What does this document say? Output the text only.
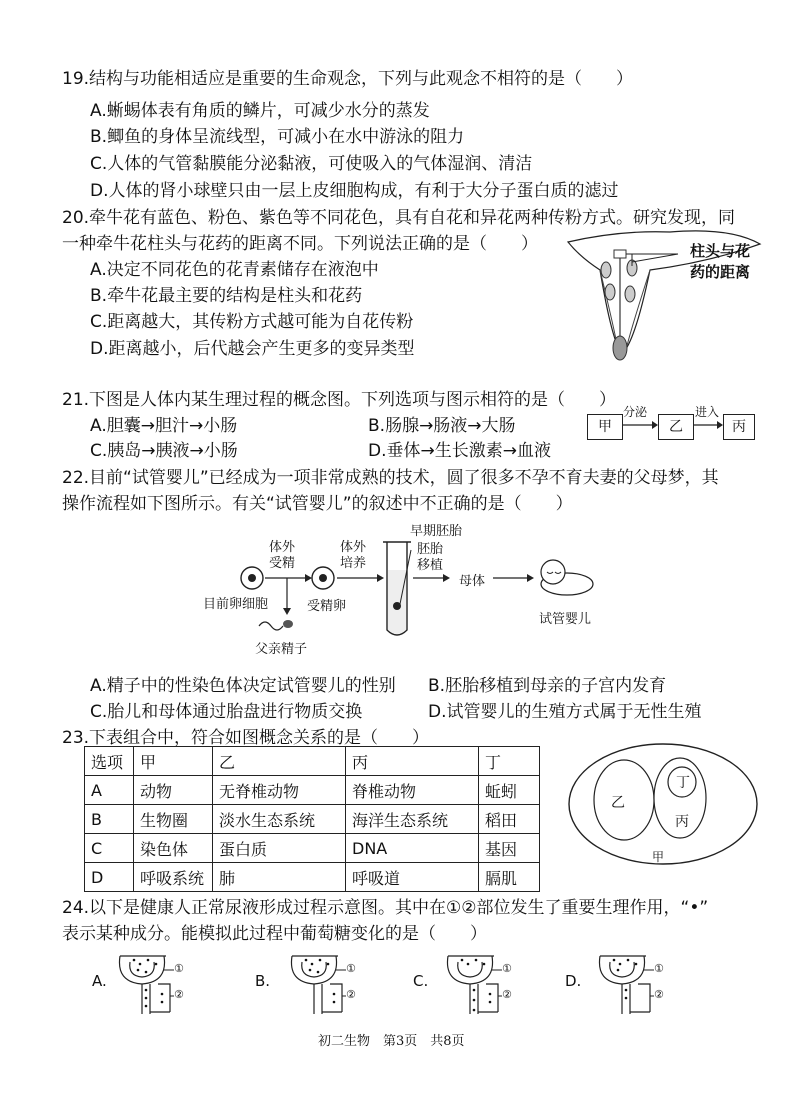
19.结构与功能相适应是重要的生命观念，下列与此观念不相符的是（　　）
A.蜥蜴体表有角质的鳞片，可减少水分的蒸发
B.鲫鱼的身体呈流线型，可减小在水中游泳的阻力
C.人体的气管黏膜能分泌黏液，可使吸入的气体湿润、清洁
D.人体的肾小球壁只由一层上皮细胞构成，有利于大分子蛋白质的滤过
20.牵牛花有蓝色、粉色、紫色等不同花色，具有自花和异花两种传粉方式。研究发现，同
一种牵牛花柱头与花药的距离不同。下列说法正确的是（　　）
A.决定不同花色的花青素储存在液泡中
B.牵牛花最主要的结构是柱头和花药
C.距离越大，其传粉方式越可能为自花传粉
D.距离越小，后代越会产生更多的变异类型
柱头与花
药的距离
21.下图是人体内某生理过程的概念图。下列选项与图示相符的是（　　）
A.胆囊→胆汁→小肠	B.肠腺→肠液→大肠
C.胰岛→胰液→小肠	D.垂体→生长激素→血液
甲
分泌
乙
进入
丙
22.目前“试管婴儿”已经成为一项非常成熟的技术，圆了很多不孕不育夫妻的父母梦，其
操作流程如下图所示。有关“试管婴儿”的叙述中不正确的是（　　）
体外
受精
体外
培养
早期胚胎
胚胎
移植
母体
目前卵细胞	受精卵
父亲精子
试管婴儿
A.精子中的性染色体决定试管婴儿的性别 B.胚胎移植到母亲的子宫内发育
C.胎儿和母体通过胎盘进行物质交换	D.试管婴儿的生殖方式属于无性生殖
23.下表组合中，符合如图概念关系的是（　　）
选项	甲	乙	丙	丁
A	动物	无脊椎动物	脊椎动物	蚯蚓
B	生物圈	淡水生态系统	海洋生态系统	稻田
C	染色体	蛋白质	DNA	基因
D	呼吸系统	肺	呼吸道	膈肌
乙
丙
丁
甲
24.以下是健康人正常尿液形成过程示意图。其中在①②部位发生了重要生理作用，“•”
表示某种成分。能模拟此过程中葡萄糖变化的是（　　）
A.	B.	C.	D.
①
②
①
②
①
②
①
②
初二生物　第3页　共8页
